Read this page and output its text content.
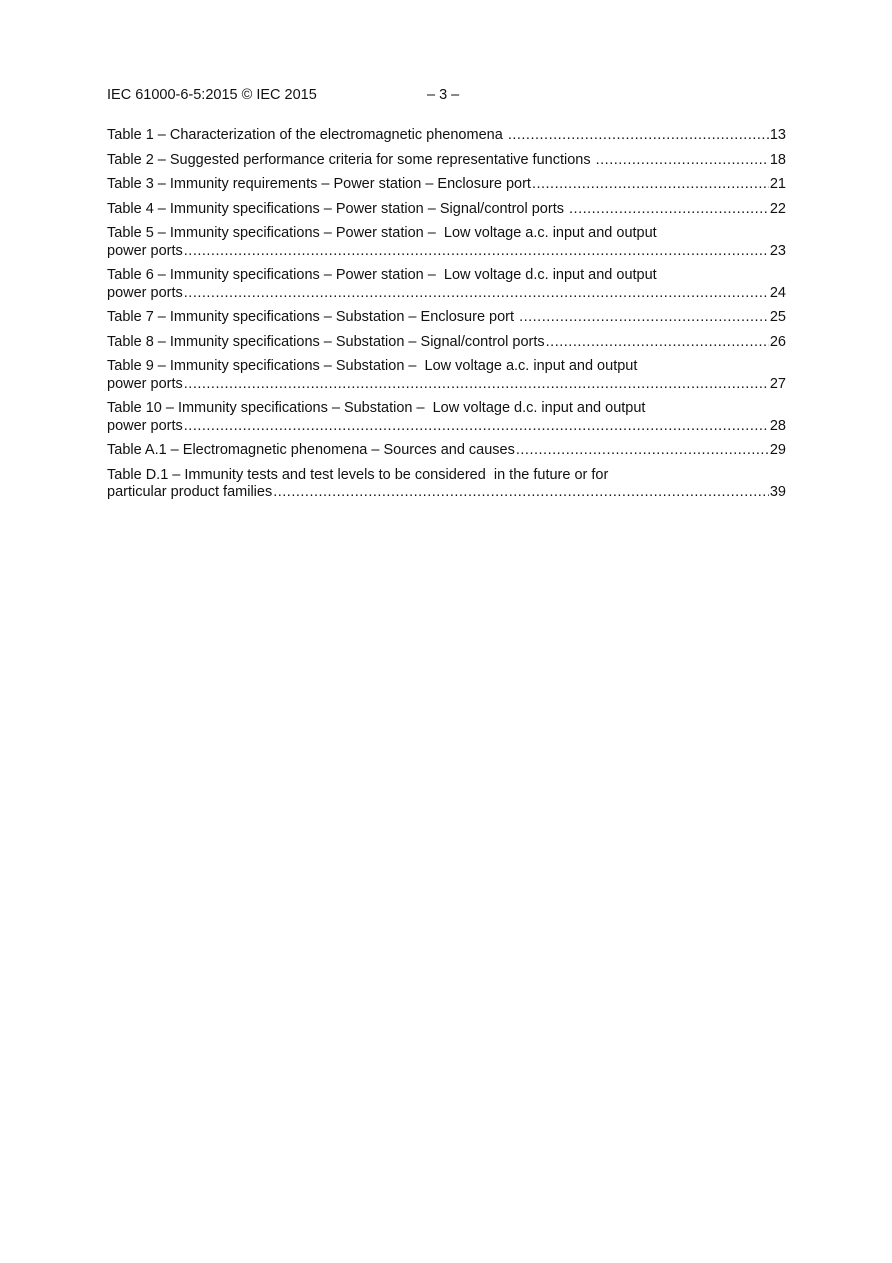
IEC 61000-6-5:2015 © IEC 2015	– 3 –
Table 1 – Characterization of the electromagnetic phenomena .....	13
Table 2 – Suggested performance criteria for some representative functions .....	18
Table 3 – Immunity requirements – Power station – Enclosure port .....	21
Table 4 – Immunity specifications – Power station – Signal/control ports .....	22
Table 5 – Immunity specifications – Power station –  Low voltage a.c. input and output
power ports .....	23
Table 6 – Immunity specifications – Power station –  Low voltage d.c. input and output
power ports .....	24
Table 7 – Immunity specifications – Substation – Enclosure port .....	25
Table 8 – Immunity specifications – Substation – Signal/control ports .....	26
Table 9 – Immunity specifications – Substation –  Low voltage a.c. input and output
power ports .....	27
Table 10 – Immunity specifications – Substation –  Low voltage d.c. input and output
power ports .....	28
Table A.1 – Electromagnetic phenomena – Sources and causes .....	29
Table D.1 – Immunity tests and test levels to be considered  in the future or for
particular product families .....	39
